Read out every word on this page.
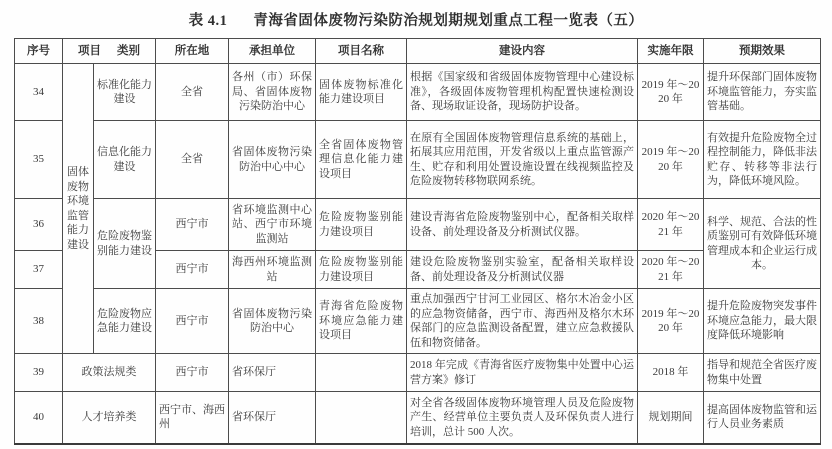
表 4.1 青海省固体废物污染防治规划期规划重点工程一览表（五）
序号	项目 类别		所在地	承担单位	项目名称	建设内容	实施年限	预期效果
34	固体废物环境监管能力建设	标准化能力建设	全省	各州（市）环保局、省固体废物污染防治中心	固体废物标准化能力建设项目	根据《国家级和省级固体废物管理中心建设标准》，各级固体废物管理机构配置快速检测设备、现场取证设备，现场防护设备。	2019 年～2020 年	提升环保部门固体废物环境监管能力，夯实监管基础。
35		信息化能力建设	全省	省固体废物污染防治中心中心	全省固体废物管理信息化能力建设项目	在原有全国固体废物管理信息系统的基础上，拓展其应用范围，开发省级以上重点监管源产生、贮存和利用处置设施设置在线视频监控及危险废物转移物联网系统。	2019 年～2020 年	有效提升危险废物全过程控制能力，降低非法贮存、转移等非法行为，降低环境风险。
36		危险废物鉴别能力建设	西宁市	省环境监测中心站、西宁市环境监测站	危险废物鉴别能力建设项目	建设青海省危险废物鉴别中心，配备相关取样设备、前处理设备及分析测试仪器。	2020 年～2021 年	科学、规范、合法的性质鉴别可有效降低环境管理成本和企业运行成本。
37			西宁市	海西州环境监测站	危险废物鉴别能力建设项目	建设危险废物鉴别实验室，配备相关取样设备、前处理设备及分析测试仪器	2020 年～2021 年	
38		危险废物应急能力建设	西宁市	省固体废物污染防治中心	青海省危险废物环境应急能力建设项目	重点加强西宁甘河工业园区、格尔木冶金小区的应急物资储备，西宁市、海西州及格尔木环保部门的应急监测设备配置，建立应急救援队伍和物资储备。	2019 年～2020 年	提升危险废物突发事件环境应急能力，最大限度降低环境影响
39	政策法规类		西宁市	省环保厅		2018 年完成《青海省医疗废物集中处置中心运营方案》修订	2018 年	指导和规范全省医疗废物集中处置
40	人才培养类		西宁市、海西州	省环保厅		对全省各级固体废物环境管理人员及危险废物产生、经营单位主要负责人及环保负责人进行培训，总计 500 人次。	规划期间	提高固体废物监管和运行人员业务素质
